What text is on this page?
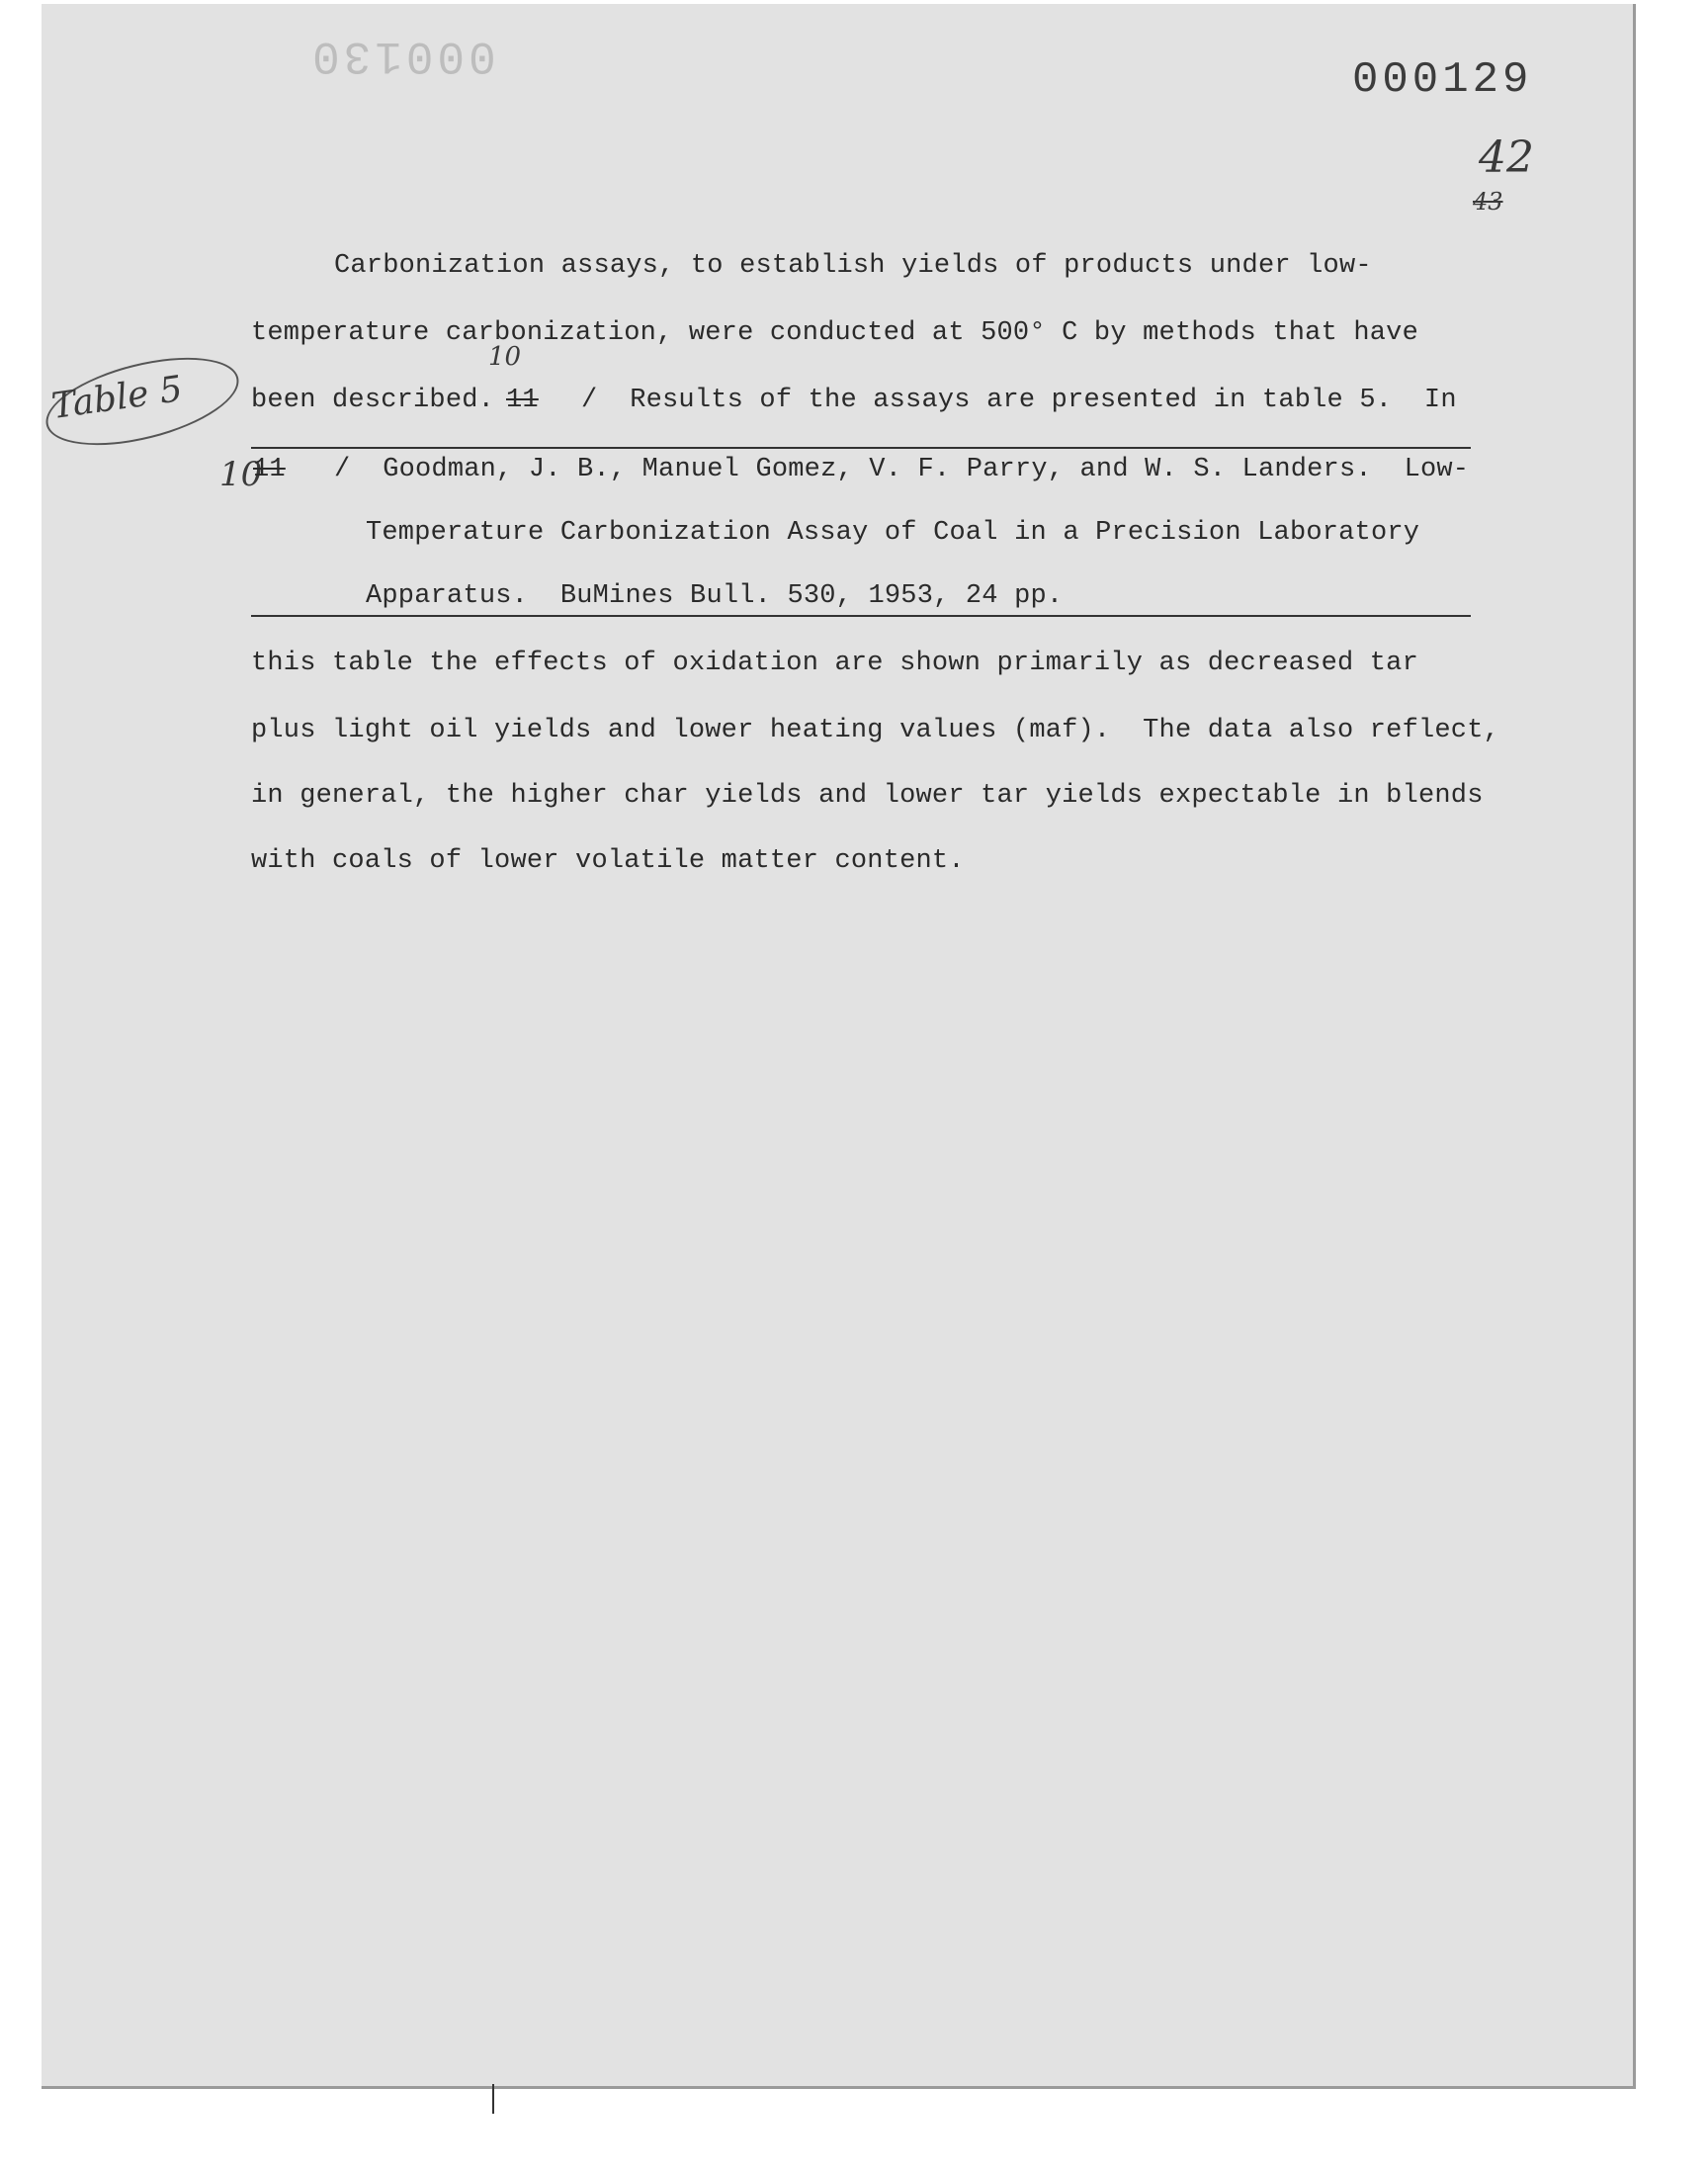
000130	000129
42
43
Table 5
Carbonization assays, to establish yields of products under low-
temperature carbonization, were conducted at 500° C by methods that have
been described. 11
10
/  Results of the assays are presented in table 5.  In
10
11 /  Goodman, J. B., Manuel Gomez, V. F. Parry, and W. S. Landers.  Low-
Temperature Carbonization Assay of Coal in a Precision Laboratory
Apparatus.  BuMines Bull. 530, 1953, 24 pp.
this table the effects of oxidation are shown primarily as decreased tar
plus light oil yields and lower heating values (maf).  The data also reflect,
in general, the higher char yields and lower tar yields expectable in blends
with coals of lower volatile matter content.
